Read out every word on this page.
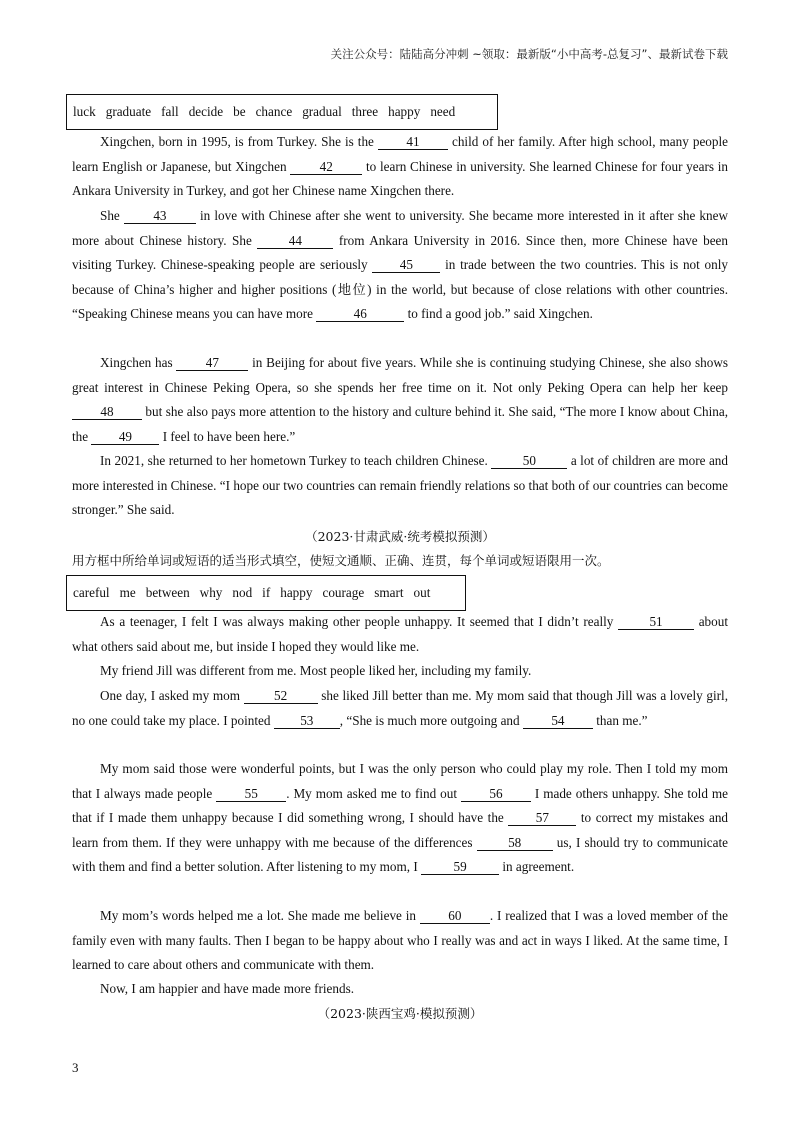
关注公众号：陆陆高分冲刺 ~领取：最新版“小中高考-总复习”、最新试卷下载
luck graduate fall decide be chance gradual three happy need

Xingchen, born in 1995, is from Turkey. She is the 41 child of her family. After high school, many people learn English or Japanese, but Xingchen 42 to learn Chinese in university. She learned Chinese for four years in Ankara University in Turkey, and got her Chinese name Xingchen there.

She 43 in love with Chinese after she went to university. She became more interested in it after she knew more about Chinese history. She 44 from Ankara University in 2016. Since then, more Chinese have been visiting Turkey. Chinese-speaking people are seriously 45 in trade between the two countries. This is not only because of China’s higher and higher positions (地位) in the world, but because of close relations with other countries. “Speaking Chinese means you can have more	46	to find a good job.” said Xingchen.

Xingchen has 47 in Beijing for about five years. While she is continuing studying Chinese, she also shows great interest in Chinese Peking Opera, so she spends her free time on it. Not only Peking Opera can help her keep 48 but she also pays more attention to the history and culture behind it. She said, “The more I know about China, the 49 I feel to have been here.”

In 2021, she returned to her hometown Turkey to teach children Chinese. 50 a lot of children are more and more interested in Chinese. “I hope our two countries can remain friendly relations so that both of our countries can become stronger.” She said.

（2023·甘肃武威·统考模拟预测）

用方框中所给单词或短语的适当形式填空，使短文通顺、正确、连贯，每个单词或短语限用一次。

careful me between why nod if happy courage smart out

As a teenager, I felt I was always making other people unhappy. It seemed that I didn’t really 51 about what others said about me, but inside I hoped they would like me.

My friend Jill was different from me. Most people liked her, including my family.

One day, I asked my mom 52 she liked Jill better than me. My mom said that though Jill was a lovely girl, no one could take my place. I pointed 53 , “She is much more outgoing and 54 than me.”

My mom said those were wonderful points, but I was the only person who could play my role. Then I told my mom that I always made people 55 . My mom asked me to find out 56 I made others unhappy. She told me that if I made them unhappy because I did something wrong, I should have the 57 to correct my mistakes and learn from them. If they were unhappy with me because of the differences 58 us, I should try to communicate with them and find a better solution. After listening to my mom, I 59 in agreement.

My mom’s words helped me a lot. She made me believe in 60 . I realized that I was a loved member of the family even with many faults. Then I began to be happy about who I really was and act in ways I liked. At the same time, I learned to care about others and communicate with them.

Now, I am happier and have made more friends.

（2023·陕西宝鸡·模拟预测）

3
